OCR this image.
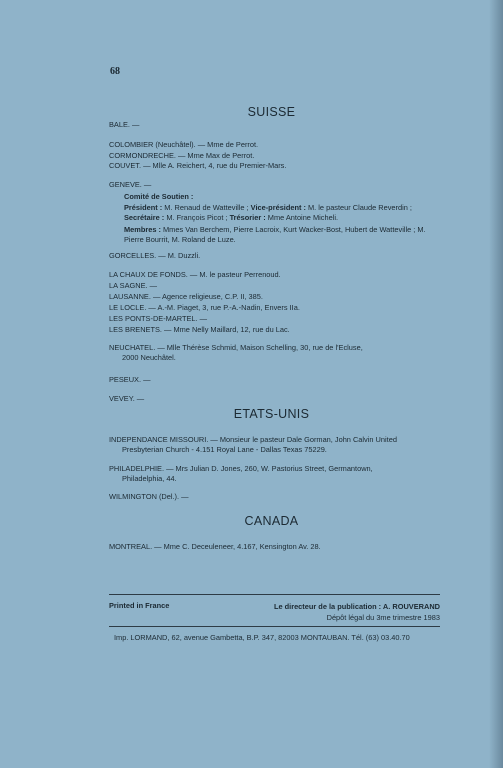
68
SUISSE
BALE. —
COLOMBIER (Neuchâtel). — Mme de Perrot.
CORMONDRECHE. — Mme Max de Perrot.
COUVET. — Mlle A. Reichert, 4, rue du Premier-Mars.
GENEVE. —
Comité de Soutien :
Président : M. Renaud de Watteville ; Vice-président : M. le pasteur Claude Reverdin ;
Secrétaire : M. François Picot ; Trésorier : Mme Antoine Micheli.
Membres : Mmes Van Berchem, Pierre Lacroix, Kurt Wacker-Bost, Hubert de Watteville ; M. Pierre Bourrit, M. Roland de Luze.
GORCELLES. — M. Duzzli.
LA CHAUX DE FONDS. — M. le pasteur Perrenoud.
LA SAGNE. —
LAUSANNE. — Agence religieuse, C.P. II, 385.
LE LOCLE. — A.-M. Piaget, 3, rue P.-A.-Nadin, Envers IIa.
LES PONTS-DE-MARTEL. —
LES BRENETS. — Mme Nelly Maillard, 12, rue du Lac.
NEUCHATEL. — Mlle Thérèse Schmid, Maison Schelling, 30, rue de l'Ecluse,
2000 Neuchâtel.
PESEUX. —
VEVEY. —
ETATS-UNIS
INDEPENDANCE MISSOURI. — Monsieur le pasteur Dale Gorman, John Calvin United
Presbyterian Church - 4.151 Royal Lane - Dallas Texas 75229.
PHILADELPHIE. — Mrs Julian D. Jones, 260, W. Pastorius Street, Germantown,
Philadelphia, 44.
WILMINGTON (Del.). —
CANADA
MONTREAL. — Mme C. Deceuleneer, 4.167, Kensington Av. 28.
Printed in France	Le directeur de la publication : A. ROUVERAND
Dépôt légal du 3me trimestre 1983
Imp. LORMAND, 62, avenue Gambetta, B.P. 347, 82003 MONTAUBAN. Tél. (63) 03.40.70
